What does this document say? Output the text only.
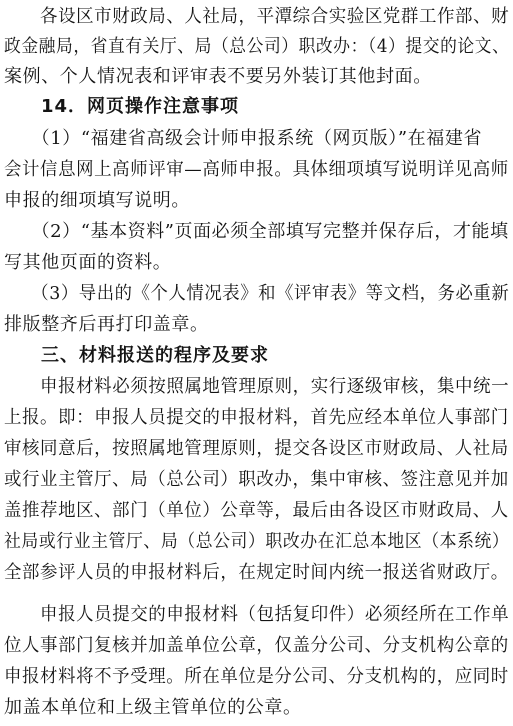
　各设区市财政局、人社局，平潭综合实验区党群工作部、财
政金融局，省直有关厅、局（总公司）职改办：（4）提交的论文、
案例、个人情况表和评审表不要另外装订其他封面。
　14．网页操作注意事项
　（1）“福建省高级会计师申报系统（网页版）”在福建省
会计信息网上高师评审—高师申报。具体细项填写说明详见高师
申报的细项填写说明。
　（2）“基本资料”页面必须全部填写完整并保存后，才能填
写其他页面的资料。
　（3）导出的《个人情况表》和《评审表》等文档，务必重新
排版整齐后再打印盖章。
　三、材料报送的程序及要求
　申报材料必须按照属地管理原则，实行逐级审核，集中统一
上报。即：申报人员提交的申报材料，首先应经本单位人事部门
审核同意后，按照属地管理原则，提交各设区市财政局、人社局
或行业主管厅、局（总公司）职改办，集中审核、签注意见并加
盖推荐地区、部门（单位）公章等，最后由各设区市财政局、人
社局或行业主管厅、局（总公司）职改办在汇总本地区（本系统）
全部参评人员的申报材料后，在规定时间内统一报送省财政厅。
　申报人员提交的申报材料（包括复印件）必须经所在工作单
位人事部门复核并加盖单位公章，仅盖分公司、分支机构公章的
申报材料将不予受理。所在单位是分公司、分支机构的，应同时
加盖本单位和上级主管单位的公章。
